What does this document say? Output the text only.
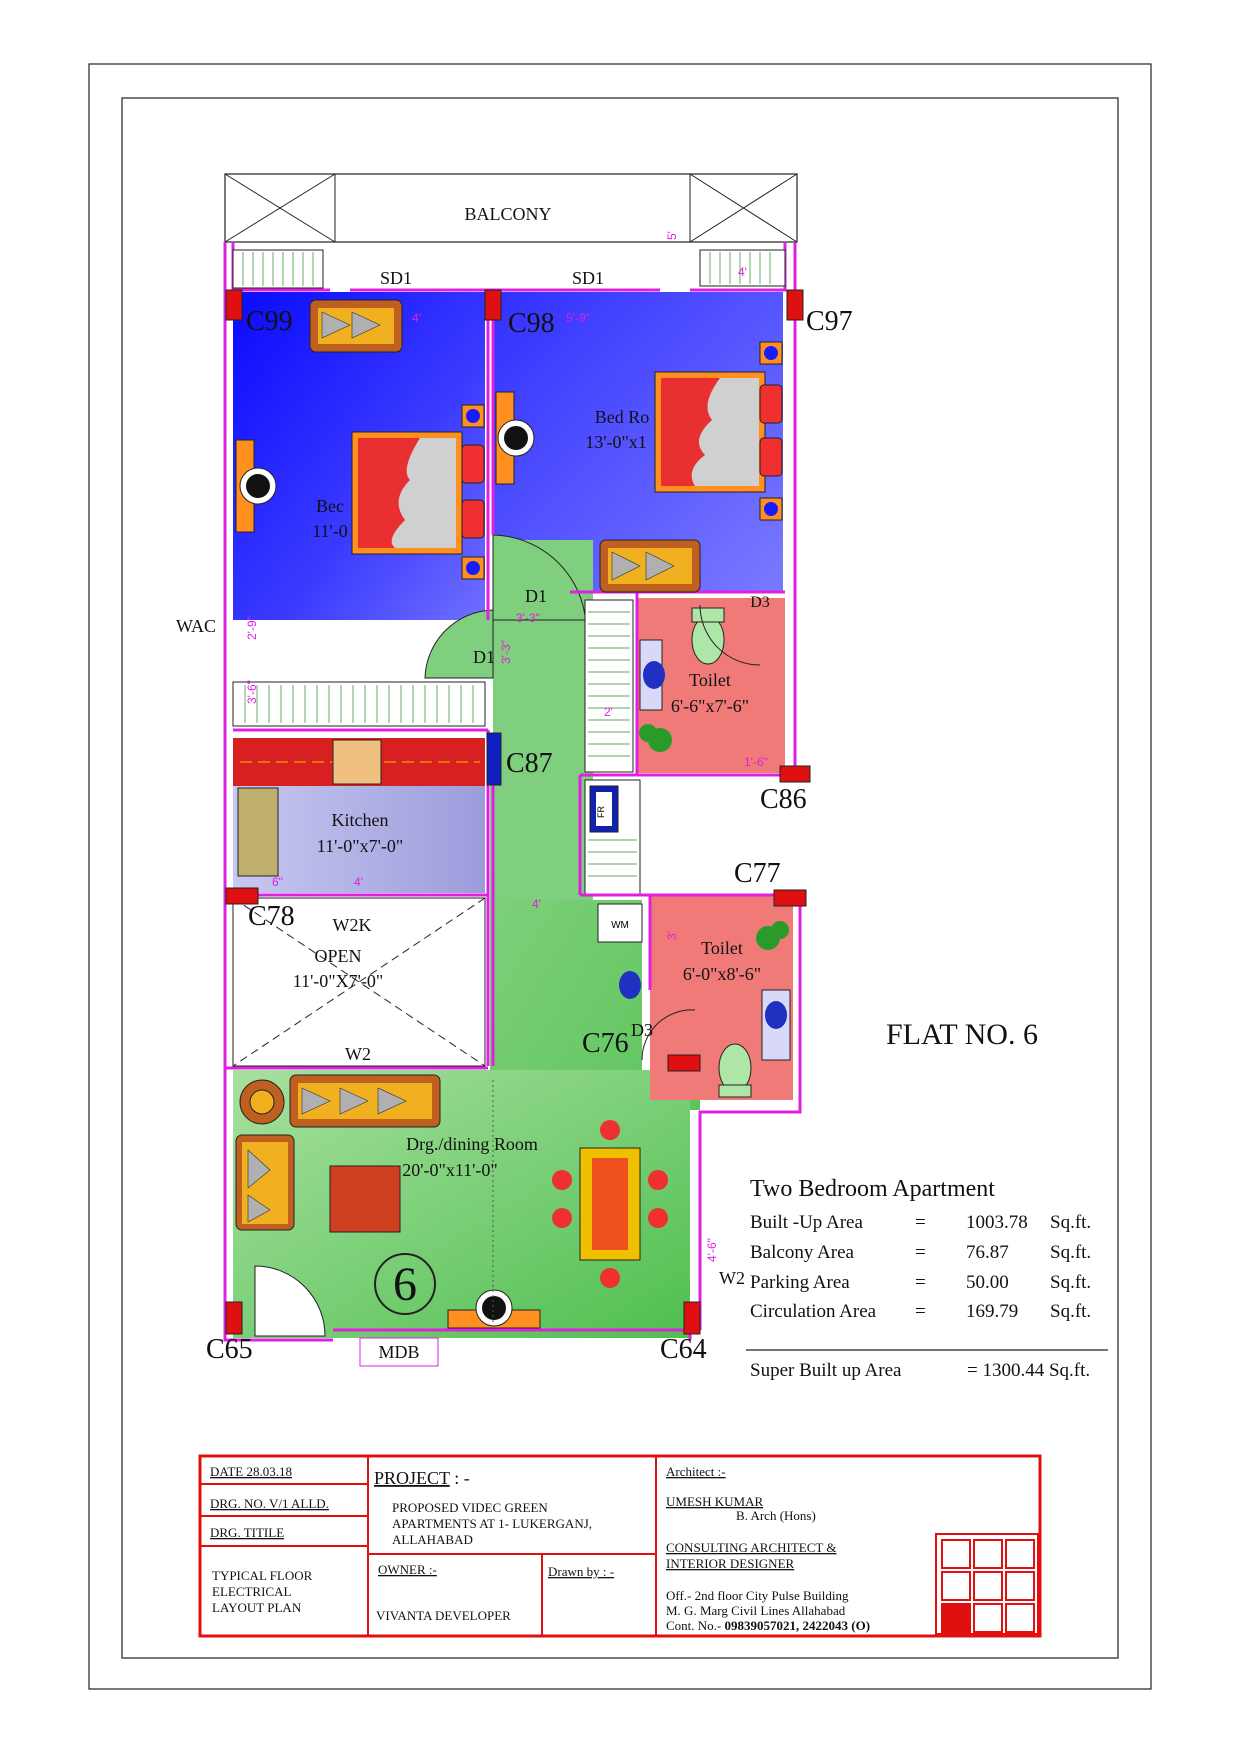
BALCONY
FR
WM
6
C99	C98	C97
C87
C86
C77
C78
C76
C65	C64
SD1	SD1
Bec
11'-0
Bed Ro
13'-0"x1
Toilet
6'-6"x7'-6"
Toilet
6'-0"x8'-6"
Kitchen
11'-0"x7'-0"
OPEN
11'-0"X7'-0"
Drg./dining Room
20'-0"x11'-0"
WAC
D1
D1
D3
D3
W2K
W2
W2
MDB
5'
4'
4'	5'-9"
2'-9"	3'-3"
3'-3"
3'-6"
2'
1'-6"
6"	4'
4'
3'
4'-6"
FLAT NO. 6
Two Bedroom Apartment
Built -Up Area	= 1003.78 Sq.ft.
Balcony Area	= 76.87 Sq.ft.
Parking Area	= 50.00 Sq.ft.
Circulation Area = 169.79 Sq.ft.
Super Built up Area	= 1300.44 Sq.ft.
DATE 28.03.18
DRG. NO. V/1 ALLD.
DRG. TITILE
TYPICAL FLOOR
ELECTRICAL
LAYOUT PLAN
PROJECT : -
PROPOSED VIDEC GREEN
APARTMENTS AT 1- LUKERGANJ,
ALLAHABAD
OWNER :-
VIVANTA DEVELOPER
Drawn by : -
Architect :-
UMESH KUMAR
B. Arch (Hons)
CONSULTING ARCHITECT &
INTERIOR DESIGNER
Off.- 2nd floor City Pulse Building
M. G. Marg Civil Lines Allahabad
Cont. No.- 09839057021, 2422043 (O)
